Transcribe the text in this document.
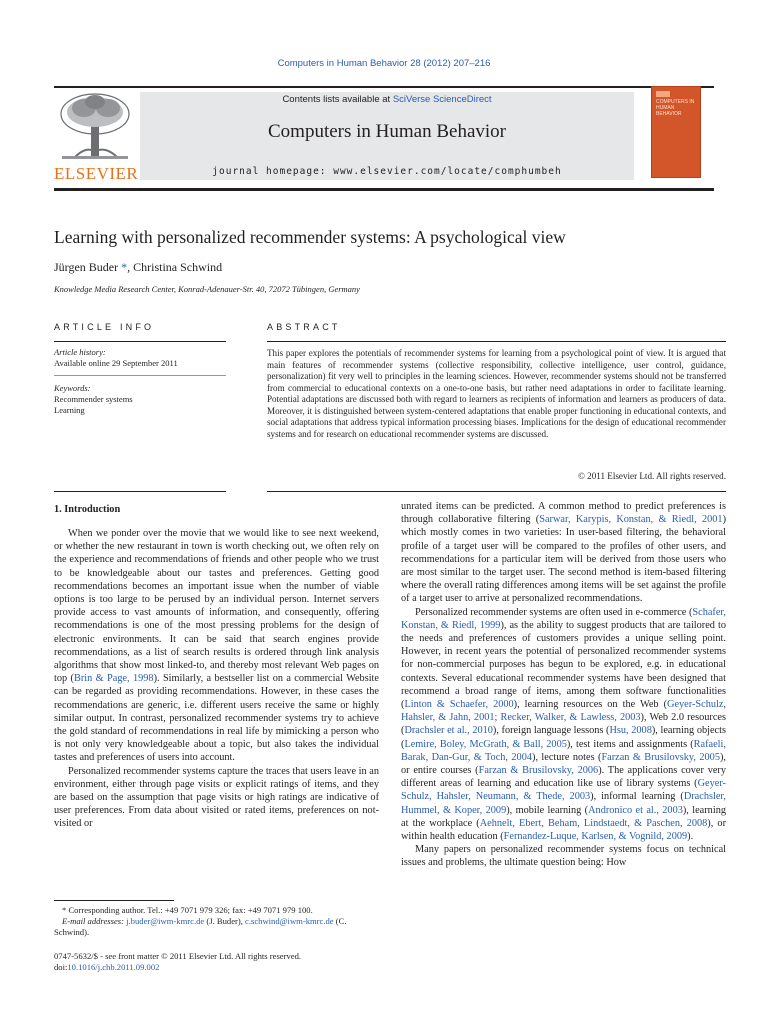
Computers in Human Behavior 28 (2012) 207–216
ELSEVIER
Contents lists available at SciVerse ScienceDirect
Computers in Human Behavior
journal homepage: www.elsevier.com/locate/comphumbeh
COMPUTERS IN HUMAN BEHAVIOR
Learning with personalized recommender systems: A psychological view
Jürgen Buder *, Christina Schwind
Knowledge Media Research Center, Konrad-Adenauer-Str. 40, 72072 Tübingen, Germany
ARTICLE INFO	ABSTRACT
Article history:
Available online 29 September 2011
Keywords:
Recommender systems
Learning
This paper explores the potentials of recommender systems for learning from a psychological point of view. It is argued that main features of recommender systems (collective responsibility, collective intelligence, user control, guidance, personalization) fit very well to principles in the learning sciences. However, recommender systems should not be transferred from commercial to educational contexts on a one-to-one basis, but rather need adaptations in order to facilitate learning. Potential adaptations are discussed both with regard to learners as recipients of information and learners as producers of data. Moreover, it is distinguished between system-centered adaptations that enable proper functioning in educational contexts, and social adaptations that address typical information processing biases. Implications for the design of educational recommender systems and for research on educational recommender systems are discussed.
© 2011 Elsevier Ltd. All rights reserved.
1. Introduction

When we ponder over the movie that we would like to see next weekend, or whether the new restaurant in town is worth checking out, we often rely on the experience and recommendations of friends and other people who we trust to be knowledgeable about our tastes and preferences. Getting good recommendations becomes an important issue when the number of viable options is too large to be perused by an individual person. Internet servers provide access to vast amounts of information, and consequently, offering recommendations is one of the most pressing problems for the design of electronic environments. It can be said that search engines provide recommendations, as a list of search results is ordered through link analysis algorithms that show most linked-to, and thereby most relevant Web pages on top (Brin & Page, 1998). Similarly, a bestseller list on a commercial Website can be regarded as providing recommendations. However, in these cases the recommendations are generic, i.e. different users receive the same or highly similar output. In contrast, personalized recommender systems try to achieve the gold standard of recommendations in real life by mimicking a person who is not only very knowledgeable about a topic, but also takes the individual tastes and preferences of users into account.

Personalized recommender systems capture the traces that users leave in an environment, either through page visits or explicit ratings of items, and they are based on the assumption that page visits or high ratings are indicative of user preferences. From data about visited or rated items, preferences on not-visited or

unrated items can be predicted. A common method to predict preferences is through collaborative filtering (Sarwar, Karypis, Konstan, & Riedl, 2001) which mostly comes in two varieties: In user-based filtering, the behavioral profile of a target user will be compared to the profiles of other users, and recommendations for a particular item will be derived from those users who are most similar to the target user. The second method is item-based filtering where the overall rating differences among items will be set against the profile of a target user to arrive at personalized recommendations.

Personalized recommender systems are often used in e-commerce (Schafer, Konstan, & Riedl, 1999), as the ability to suggest products that are tailored to the needs and preferences of customers provides a unique selling point. However, in recent years the potential of personalized recommender systems for non-commercial purposes has begun to be explored, e.g. in educational contexts. Several educational recommender systems have been designed that recommend a broad range of items, among them software functionalities (Linton & Schaefer, 2000), learning resources on the Web (Geyer-Schulz, Hahsler, & Jahn, 2001; Recker, Walker, & Lawless, 2003), Web 2.0 resources (Drachsler et al., 2010), foreign language lessons (Hsu, 2008), learning objects (Lemire, Boley, McGrath, & Ball, 2005), test items and assignments (Rafaeli, Barak, Dan-Gur, & Toch, 2004), lecture notes (Farzan & Brusilovsky, 2005), or entire courses (Farzan & Brusilovsky, 2006). The applications cover very different areas of learning and education like use of library systems (Geyer-Schulz, Hahsler, Neumann, & Thede, 2003), informal learning (Drachsler, Hummel, & Koper, 2009), mobile learning (Andronico et al., 2003), learning at the workplace (Aehnelt, Ebert, Beham, Lindstaedt, & Paschen, 2008), or within health education (Fernandez-Luque, Karlsen, & Vognild, 2009).

Many papers on personalized recommender systems focus on technical issues and problems, the ultimate question being: How

* Corresponding author. Tel.: +49 7071 979 326; fax: +49 7071 979 100.
E-mail addresses: j.buder@iwm-kmrc.de (J. Buder), c.schwind@iwm-kmrc.de (C. Schwind).
0747-5632/$ - see front matter © 2011 Elsevier Ltd. All rights reserved.
doi:10.1016/j.chb.2011.09.002
